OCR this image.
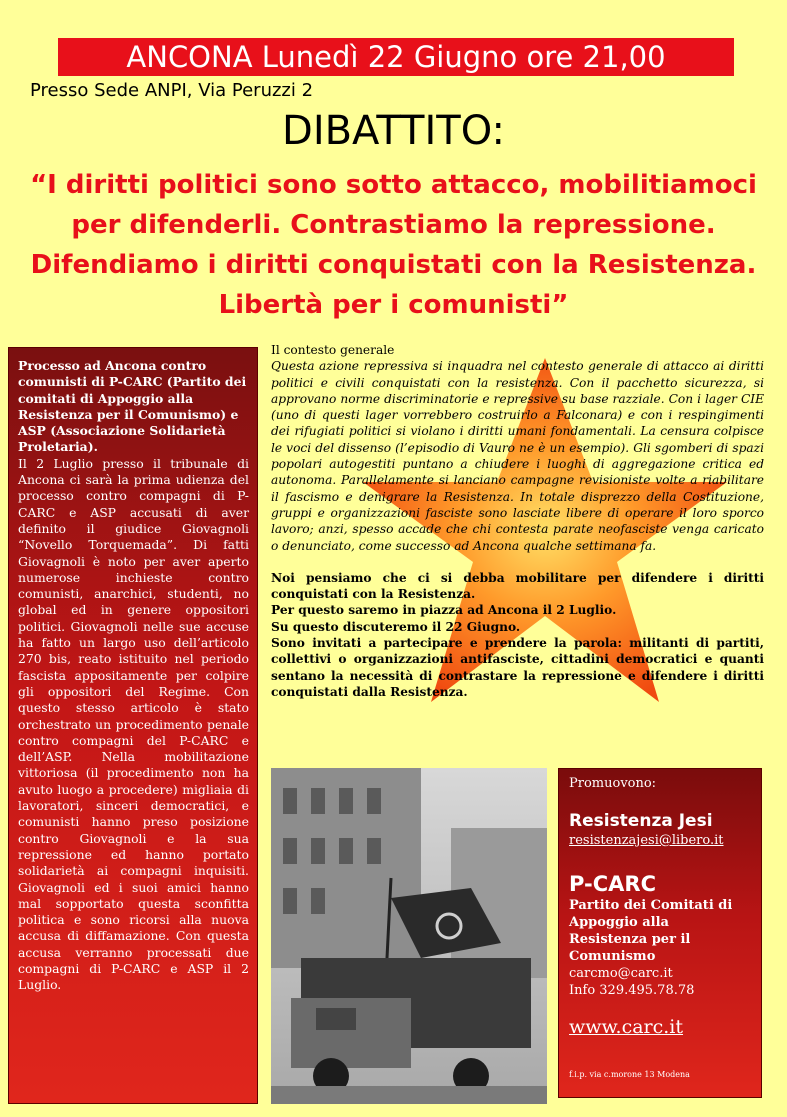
ANCONA Lunedì 22 Giugno ore 21,00
Presso Sede ANPI, Via Peruzzi 2
DIBATTITO:
“I diritti politici sono sotto attacco, mobilitiamoci per difenderli. Contrastiamo la repressione. Difendiamo i diritti conquistati con la Resistenza. Libertà per i comunisti”
Processo ad Ancona contro comunisti di P-CARC (Partito dei comitati di Appoggio alla Resistenza per il Comunismo) e ASP (Associazione Solidarietà Proletaria).
Il 2 Luglio presso il tribunale di Ancona ci sarà la prima udienza del processo contro compagni di P-CARC e ASP accusati di aver definito il giudice Giovagnoli “Novello Torquemada”. Di fatti Giovagnoli è noto per aver aperto numerose inchieste contro comunisti, anarchici, studenti, no global ed in genere oppositori politici. Giovagnoli nelle sue accuse ha fatto un largo uso dell’articolo 270 bis, reato istituito nel periodo fascista appositamente per colpire gli oppositori del Regime. Con questo stesso articolo è stato orchestrato un procedimento penale contro compagni del P-CARC e dell’ASP. Nella mobilitazione vittoriosa (il procedimento non ha avuto luogo a procedere) migliaia di lavoratori, sinceri democratici, e comunisti hanno preso posizione contro Giovagnoli e la sua repressione ed hanno portato solidarietà ai compagni inquisiti. Giovagnoli ed i suoi amici hanno mal sopportato questa sconfitta politica e sono ricorsi alla nuova accusa di diffamazione. Con questa accusa verranno processati due compagni di P-CARC e ASP il 2 Luglio.
Il contesto generale
Questa azione repressiva si inquadra nel contesto generale di attacco ai diritti politici e civili conquistati con la resistenza. Con il pacchetto sicurezza, si approvano norme discriminatorie e repressive su base razziale. Con i lager CIE (uno di questi lager vorrebbero costruirlo a Falconara) e con i respingimenti dei rifugiati politici si violano i diritti umani fondamentali. La censura colpisce le voci del dissenso (l’episodio di Vauro ne è un esempio). Gli sgomberi di spazi popolari autogestiti puntano a chiudere i luoghi di aggregazione critica ed autonoma. Parallelamente si lanciano campagne revisioniste volte a riabilitare il fascismo e denigrare la Resistenza. In totale disprezzo della Costituzione, gruppi e organizzazioni fasciste sono lasciate libere di operare il loro sporco lavoro; anzi, spesso accade che chi contesta parate neofasciste venga caricato o denunciato, come successo ad Ancona qualche settimana fa.

Noi pensiamo che ci si debba mobilitare per difendere i diritti conquistati con la Resistenza.

Per questo saremo in piazza ad Ancona il 2 Luglio.

Su questo discuteremo il 22 Giugno.

Sono invitati a partecipare e prendere la parola: militanti di partiti, collettivi o organizzazioni antifasciste, cittadini democratici e quanti sentano la necessità di contrastare la repressione e difendere i diritti conquistati dalla Resistenza.

Promuovono:
Resistenza Jesi
resistenzajesi@libero.it
P-CARC
Partito dei Comitati di Appoggio alla Resistenza per il Comunismo
carcmo@carc.it
Info 329.495.78.78
www.carc.it
f.i.p. via c.morone 13 Modena
